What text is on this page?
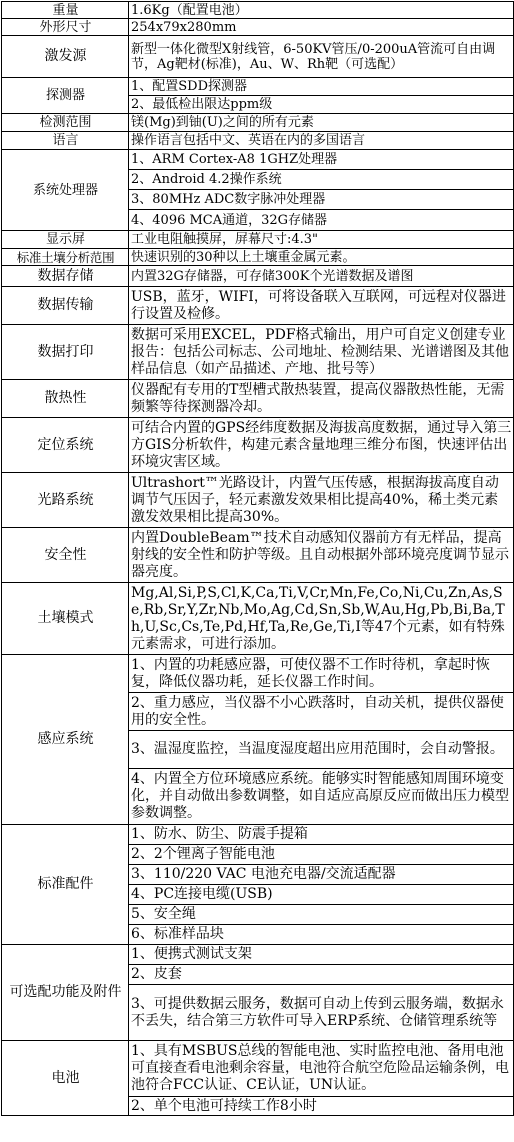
重量	1.6Kg（配置电池）
外形尺寸	254x79x280mm
激发源	新型一体化微型X射线管，6-50KV管压/0-200uA管流可自由调节，Ag靶材(标准)，Au、W、Rh靶（可选配）
探测器	1、配置SDD探测器
	2、最低检出限达ppm级
检测范围	镁(Mg)到铀(U)之间的所有元素
语言	操作语言包括中文、英语在内的多国语言
系统处理器	1、ARM Cortex-A8 1GHZ处理器
	2、Android 4.2操作系统
	3、80MHz ADC数字脉冲处理器
	4、4096 MCA通道，32G存储器
显示屏	工业电阻触摸屏，屏幕尺寸:4.3"
标准土壤分析范围	快速识别的30种以上土壤重金属元素。
数据存储	内置32G存储器，可存储300K个光谱数据及谱图
数据传输	USB，蓝牙，WIFI，可将设备联入互联网，可远程对仪器进行设置及检修。
数据打印	数据可采用EXCEL，PDF格式输出，用户可自定义创建专业报告：包括公司标志、公司地址、检测结果、光谱谱图及其他样品信息（如产品描述、产地、批号等）
散热性	仪器配有专用的T型槽式散热装置，提高仪器散热性能，无需频繁等待探测器冷却。
定位系统	可结合内置的GPS经纬度数据及海拔高度数据，通过导入第三方GIS分析软件，构建元素含量地理三维分布图，快速评估出环境灾害区域。
光路系统	Ultrashort™光路设计，内置气压传感，根据海拔高度自动调节气压因子，轻元素激发效果相比提高40%，稀土类元素激发效果相比提高30%。
安全性	内置DoubleBeam™技术自动感知仪器前方有无样品，提高射线的安全性和防护等级。且自动根据外部环境亮度调节显示器亮度。
土壤模式	Mg,Al,Si,P,S,Cl,K,Ca,Ti,V,Cr,Mn,Fe,Co,Ni,Cu,Zn,As,Se,Rb,Sr,Y,Zr,Nb,Mo,Ag,Cd,Sn,Sb,W,Au,Hg,Pb,Bi,Ba,Th,U,Sc,Cs,Te,Pd,Hf,Ta,Re,Ge,Ti,I等47个元素，如有特殊元素需求，可进行添加。
感应系统	1、内置的功耗感应器，可使仪器不工作时待机，拿起时恢复，降低仪器功耗，延长仪器工作时间。
	2、重力感应，当仪器不小心跌落时，自动关机，提供仪器使用的安全性。
	3、温湿度监控，当温度湿度超出应用范围时，会自动警报。
	4、内置全方位环境感应系统。能够实时智能感知周围环境变化，并自动做出参数调整，如自适应高原反应而做出压力模型参数调整。
标准配件	1、防水、防尘、防震手提箱
	2、2个锂离子智能电池
	3、110/220 VAC 电池充电器/交流适配器
	4、PC连接电缆(USB)
	5、安全绳
	6、标准样品块
可选配功能及附件	1、便携式测试支架
	2、皮套
	3、可提供数据云服务，数据可自动上传到云服务端，数据永不丢失，结合第三方软件可导入ERP系统、仓储管理系统等
电池	1、具有MSBUS总线的智能电池、实时监控电池、备用电池可直接查看电池剩余容量，电池符合航空危险品运输条例，电池符合FCC认证、CE认证，UN认证。
	2、单个电池可持续工作8小时
